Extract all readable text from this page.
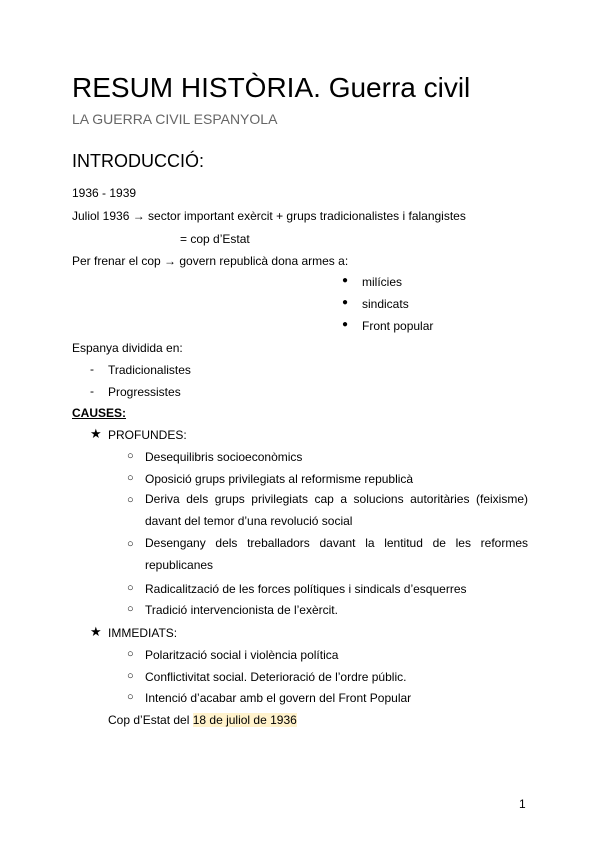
RESUM HISTÒRIA. Guerra civil
LA GUERRA CIVIL ESPANYOLA
INTRODUCCIÓ:
1936 - 1939
Juliol 1936 → sector important exèrcit + grups tradicionalistes i falangistes
= cop d’Estat
Per frenar el cop → govern republicà dona armes a:
● milícies
● sindicats
● Front popular
Espanya dividida en:
- Tradicionalistes
- Progressistes
CAUSES:
★ PROFUNDES:
○ Desequilibris socioeconòmics
○ Oposició grups privilegiats al reformisme republicà
○ Deriva dels grups privilegiats cap a solucions autoritàries (feixisme) davant del temor d’una revolució social
○ Desengany dels treballadors davant la lentitud de les reformes republicanes
○ Radicalització de les forces polítiques i sindicals d’esquerres
○ Tradició intervencionista de l’exèrcit.
★ IMMEDIATS:
○ Polarització social i violència política
○ Conflictivitat social. Deterioració de l’ordre públic.
○ Intenció d’acabar amb el govern del Front Popular
Cop d’Estat del 18 de juliol de 1936
1
